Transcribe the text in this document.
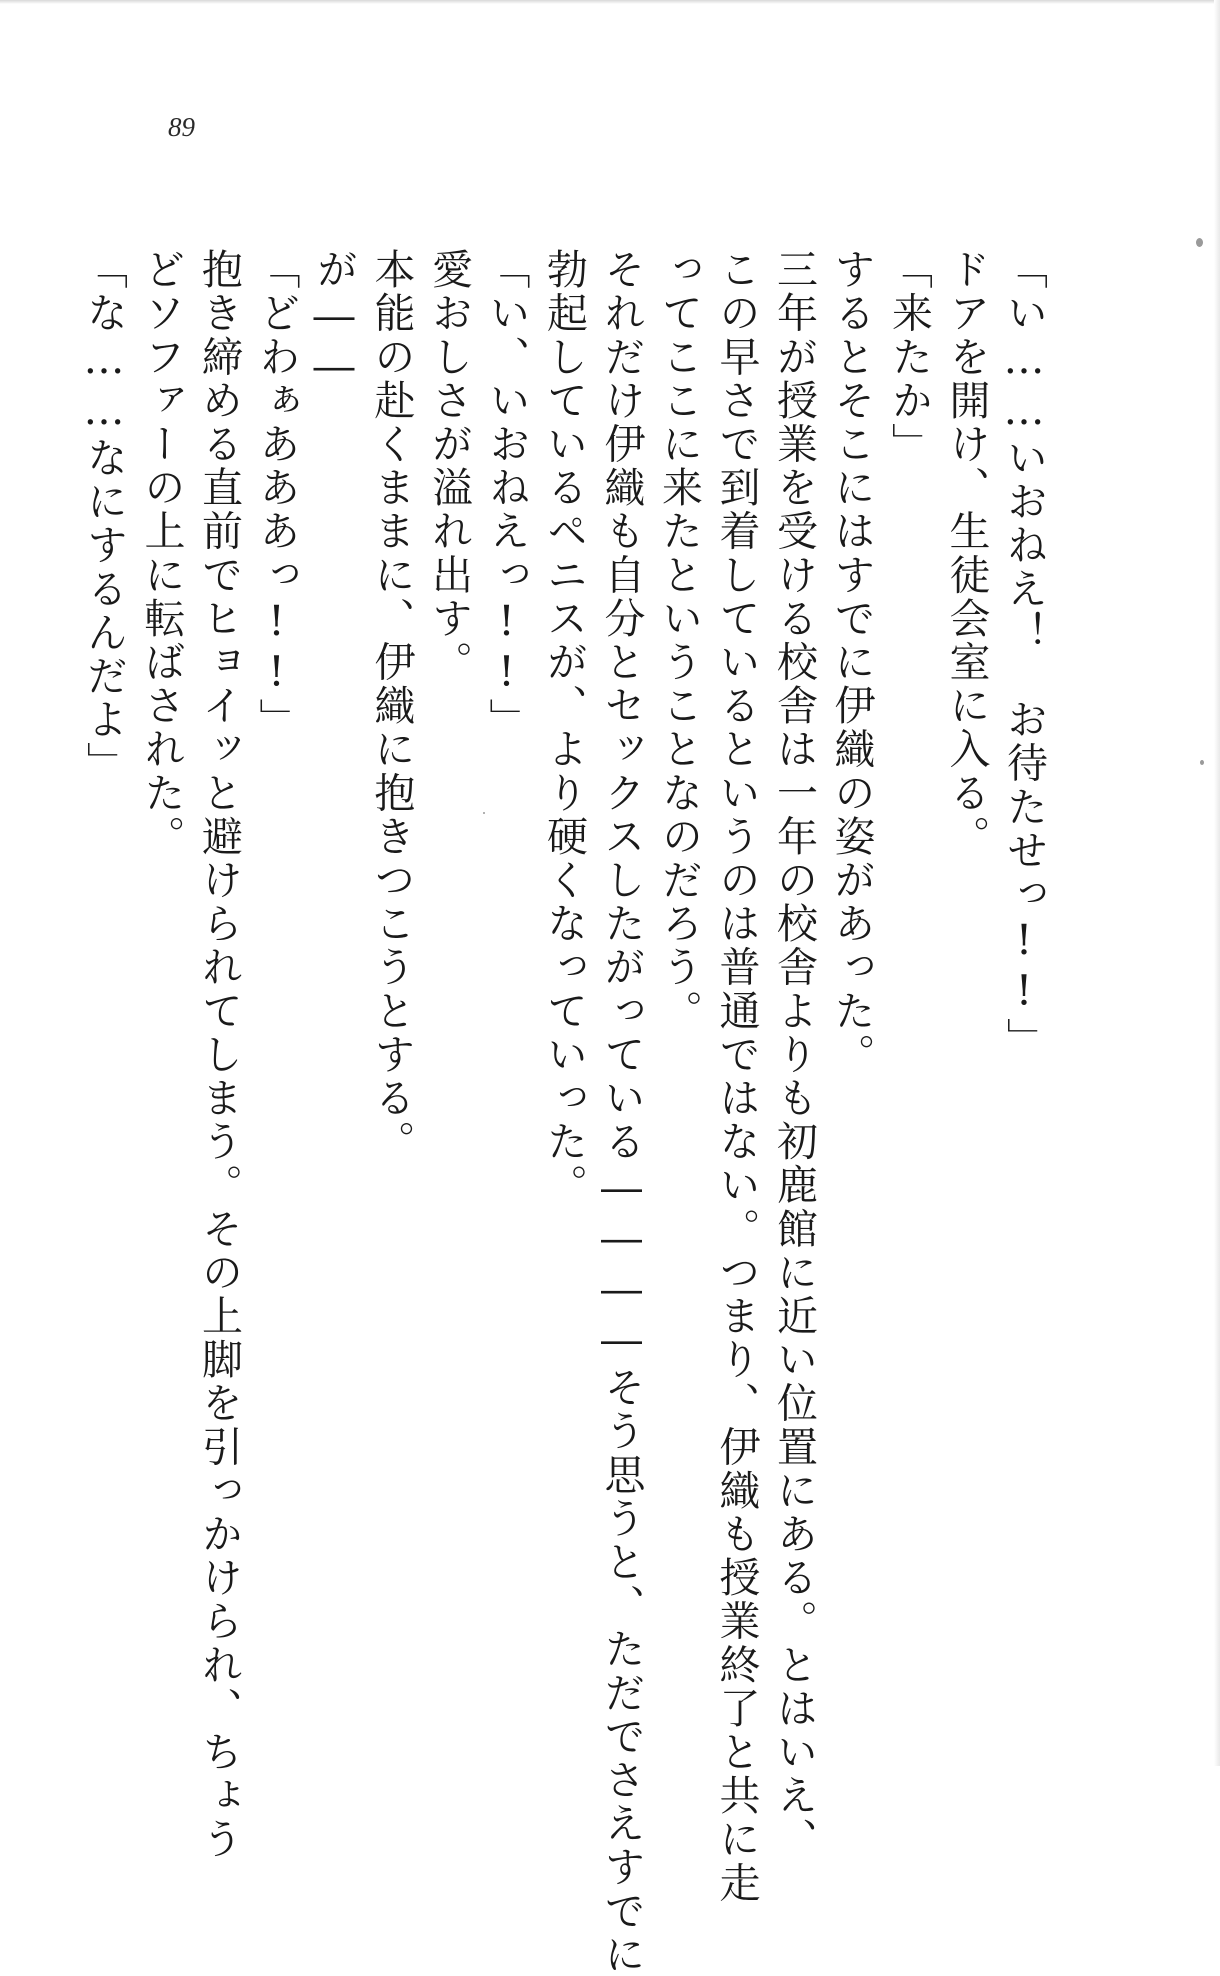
89

「い……いおねえ！　お待たせっ!!」

ドアを開け、生徒会室に入る。

「来たか」

するとそこにはすでに伊織の姿があった。

三年が授業を受ける校舎は一年の校舎よりも初鹿館に近い位置にある。とはいえ、

この早さで到着しているというのは普通ではない。つまり、伊織も授業終了と共に走

ってここに来たということなのだろう。

それだけ伊織も自分とセックスしたがっている――――そう思うと、ただでさえすでに

勃起しているペニスが、より硬くなっていった。

「い、いおねえっ!!」

愛おしさが溢れ出す。

本能の赴くままに、伊織に抱きつこうとする。

が――

「どわぁあああっ!!」

抱き締める直前でヒョイッと避けられてしまう。その上脚を引っかけられ、ちょう

どソファーの上に転ばされた。

「な……なにするんだよ」
